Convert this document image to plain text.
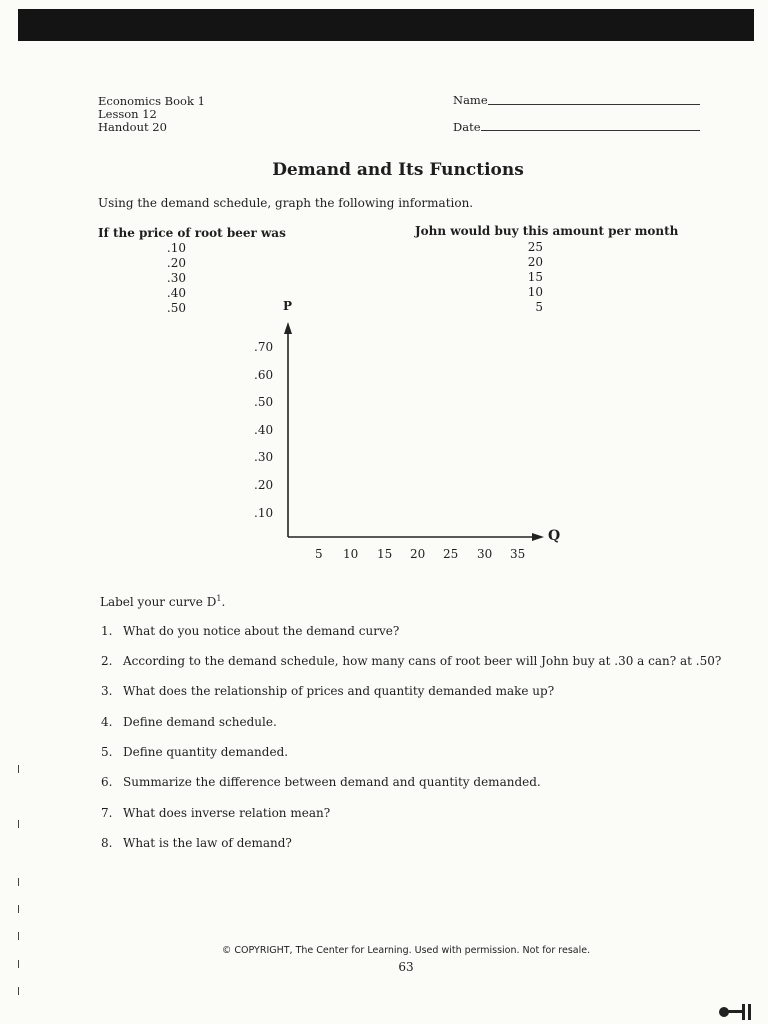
Economics Book 1
Lesson 12
Handout 20
Name
Date
Demand and Its Functions
Using the demand schedule, graph the following information.
If the price of root beer was	John would buy this amount per month
.10
.20
.30
.40
.50
25
20
15
10
5
P
Q
.70
.60
.50
.40
.30
.20
.10
5 10 15 20 25 30 35
Label your curve $D^1$.
1. What do you notice about the demand curve?
2. According to the demand schedule, how many cans of root beer will John buy at .30 a can? at .50?
3. What does the relationship of prices and quantity demanded make up?
4. Define demand schedule.
5. Define quantity demanded.
6. Summarize the difference between demand and quantity demanded.
7. What does inverse relation mean?
8. What is the law of demand?
© COPYRIGHT, The Center for Learning. Used with permission. Not for resale.
63
